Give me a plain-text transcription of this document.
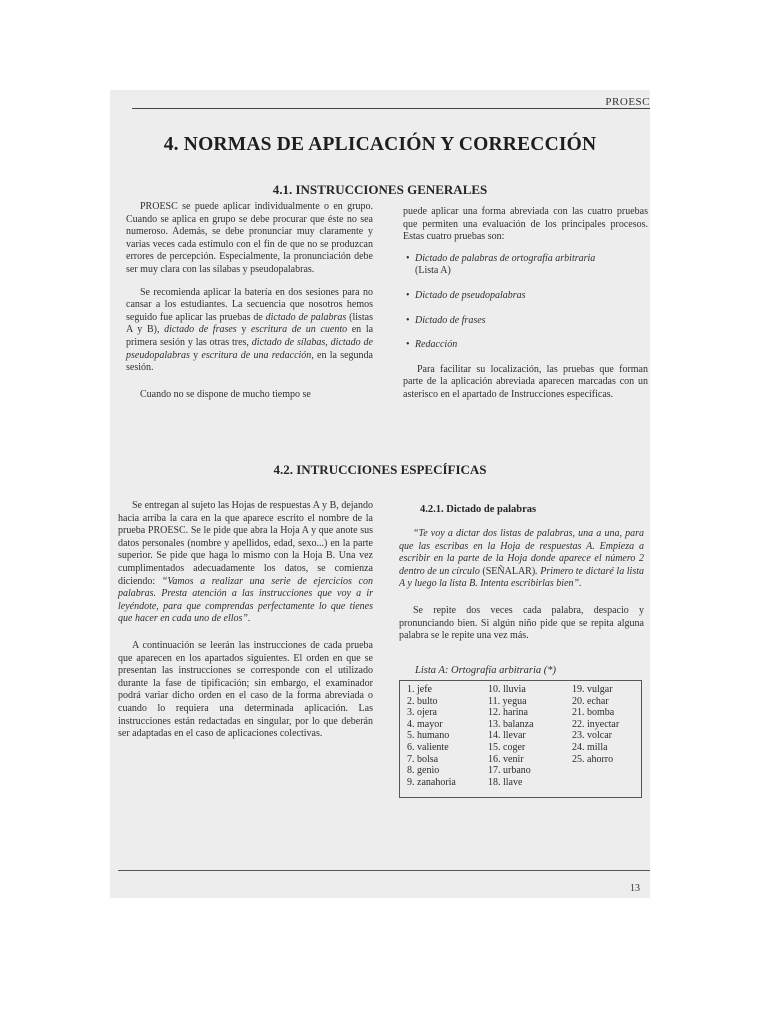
PROESC
4. NORMAS DE APLICACIÓN Y CORRECCIÓN
4.1. INSTRUCCIONES GENERALES

PROESC se puede aplicar individualmente o en grupo. Cuando se aplica en grupo se debe procurar que éste no sea numeroso. Además, se debe pronunciar muy claramente y varias veces cada estímulo con el fin de que no se produzcan errores de percepción. Especialmente, la pronunciación debe ser muy clara con las sílabas y pseudopalabras.

Se recomienda aplicar la batería en dos sesiones para no cansar a los estudiantes. La secuencia que nosotros hemos seguido fue aplicar las pruebas de dictado de palabras (listas A y B), dictado de frases y escritura de un cuento en la primera sesión y las otras tres, dictado de sílabas, dictado de pseudopalabras y escritura de una redacción, en la segunda sesión.

Cuando no se dispone de mucho tiempo se

puede aplicar una forma abreviada con las cuatro pruebas que permiten una evaluación de los principales procesos. Estas cuatro pruebas son:

• Dictado de palabras de ortografía arbitraria
(Lista A)
• Dictado de pseudopalabras
• Dictado de frases
• Redacción

Para facilitar su localización, las pruebas que forman parte de la aplicación abreviada aparecen marcadas con un asterisco en el apartado de Instrucciones específicas.

4.2. INTRUCCIONES ESPECÍFICAS

Se entregan al sujeto las Hojas de respuestas A y B, dejando hacia arriba la cara en la que aparece escrito el nombre de la prueba PROESC. Se le pide que abra la Hoja A y que anote sus datos personales (nombre y apellidos, edad, sexo...) en la parte superior. Se pide que haga lo mismo con la Hoja B. Una vez cumplimentados adecuadamente los datos, se comienza diciendo: “Vamos a realizar una serie de ejercicios con palabras. Presta atención a las instrucciones que voy a ir leyéndote, para que comprendas perfectamente lo que tienes que hacer en cada uno de ellos”.

A continuación se leerán las instrucciones de cada prueba que aparecen en los apartados siguientes. El orden en que se presentan las instrucciones se corresponde con el utilizado durante la fase de tipificación; sin embargo, el examinador podrá variar dicho orden en el caso de la forma abreviada o cuando lo requiera una determinada aplicación. Las instrucciones están redactadas en singular, por lo que deberán ser adaptadas en el caso de aplicaciones colectivas.

4.2.1. Dictado de palabras

“Te voy a dictar dos listas de palabras, una a una, para que las escribas en la Hoja de respuestas A. Empieza a escribir en la parte de la Hoja donde aparece el número 2 dentro de un círculo (SEÑALAR). Primero te dictaré la lista A y luego la lista B. Intenta escribirlas bien”.

Se repite dos veces cada palabra, despacio y pronunciando bien. Si algún niño pide que se repita alguna palabra se le repite una vez más.

Lista A: Ortografía arbitraria (*)
1. jefe
2. bulto
3. ojera
4. mayor
5. humano
6. valiente
7. bolsa
8. genio
9. zanahoria
10. lluvia
11. yegua
12. harina
13. balanza
14. llevar
15. coger
16. venir
17. urbano
18. llave
19. vulgar
20. echar
21. bomba
22. inyectar
23. volcar
24. milla
25. ahorro
13
